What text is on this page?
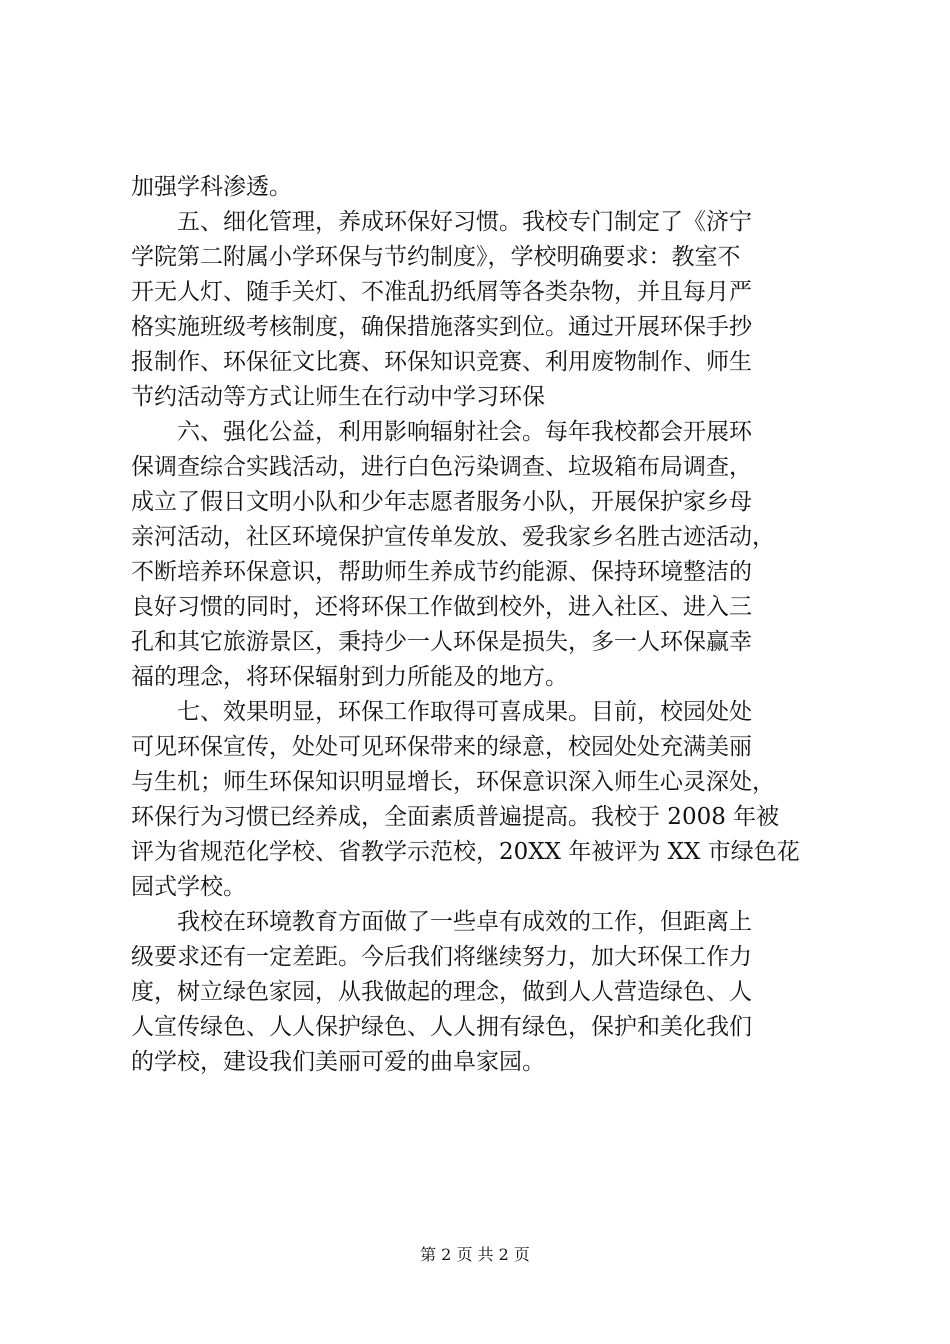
加强学科渗透。
五、细化管理，养成环保好习惯。我校专门制定了《济宁
学院第二附属小学环保与节约制度》，学校明确要求：教室不
开无人灯、随手关灯、不准乱扔纸屑等各类杂物，并且每月严
格实施班级考核制度，确保措施落实到位。通过开展环保手抄
报制作、环保征文比赛、环保知识竞赛、利用废物制作、师生
节约活动等方式让师生在行动中学习环保
六、强化公益，利用影响辐射社会。每年我校都会开展环
保调查综合实践活动，进行白色污染调查、垃圾箱布局调查，
成立了假日文明小队和少年志愿者服务小队，开展保护家乡母
亲河活动，社区环境保护宣传单发放、爱我家乡名胜古迹活动，
不断培养环保意识，帮助师生养成节约能源、保持环境整洁的
良好习惯的同时，还将环保工作做到校外，进入社区、进入三
孔和其它旅游景区，秉持少一人环保是损失，多一人环保赢幸
福的理念，将环保辐射到力所能及的地方。
七、效果明显，环保工作取得可喜成果。目前，校园处处
可见环保宣传，处处可见环保带来的绿意，校园处处充满美丽
与生机；师生环保知识明显增长，环保意识深入师生心灵深处，
环保行为习惯已经养成，全面素质普遍提高。我校于 2008 年被
评为省规范化学校、省教学示范校，20XX 年被评为 XX 市绿色花
园式学校。
我校在环境教育方面做了一些卓有成效的工作，但距离上
级要求还有一定差距。今后我们将继续努力，加大环保工作力
度，树立绿色家园，从我做起的理念，做到人人营造绿色、人
人宣传绿色、人人保护绿色、人人拥有绿色，保护和美化我们
的学校，建设我们美丽可爱的曲阜家园。
第 2 页 共 2 页
